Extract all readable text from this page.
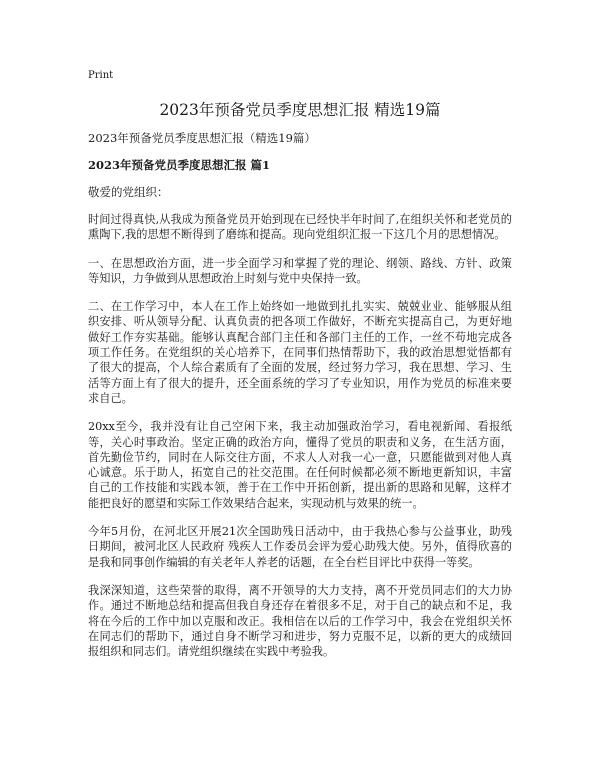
Print
2023年预备党员季度思想汇报 精选19篇
2023年预备党员季度思想汇报（精选19篇）
2023年预备党员季度思想汇报 篇1
敬爱的党组织：

时间过得真快,从我成为预备党员开始到现在已经快半年时间了,在组织关怀和老党员的熏陶下,我的思想不断得到了磨练和提高。现向党组织汇报一下这几个月的思想情况。

一、在思想政治方面，进一步全面学习和掌握了党的理论、纲领、路线、方针、政策等知识，力争做到从思想政治上时刻与党中央保持一致。

二、在工作学习中，本人在工作上始终如一地做到扎扎实实、兢兢业业、能够服从组织安排、听从领导分配、认真负责的把各项工作做好，不断充实提高自己，为更好地做好工作夯实基础。能够认真配合部门主任和各部门主任的工作，一丝不苟地完成各项工作任务。在党组织的关心培养下，在同事们热情帮助下，我的政治思想觉悟都有了很大的提高，个人综合素质有了全面的发展，经过努力学习，我在思想、学习、生活等方面上有了很大的提升，还全面系统的学习了专业知识，用作为党员的标准来要求自己。

20xx至今，我并没有让自己空闲下来，我主动加强政治学习，看电视新闻、看报纸等，关心时事政治。坚定正确的政治方向，懂得了党员的职责和义务，在生活方面，首先勤俭节约，同时在人际交往方面，不求人人对我一心一意，只愿能做到对他人真心诚意。乐于助人，拓宽自己的社交范围。在任何时候都必须不断地更新知识，丰富自己的工作技能和实践本领，善于在工作中开拓创新，提出新的思路和见解，这样才能把良好的愿望和实际工作效果结合起来，实现动机与效果的统一。

今年5月份，在河北区开展21次全国助残日活动中，由于我热心参与公益事业，助残日期间，被河北区人民政府 残疾人工作委员会评为爱心助残大使。另外，值得欣喜的是我和同事创作编辑的有关老年人养老的话题，在全台栏目评比中获得一等奖。

我深深知道，这些荣誉的取得，离不开领导的大力支持，离不开党员同志们的大力协作。通过不断地总结和提高但我自身还存在着很多不足，对于自己的缺点和不足，我将在今后的工作中加以克服和改正。我相信在以后的工作学习中，我会在党组织关怀在同志们的帮助下，通过自身不断学习和进步，努力克服不足，以新的更大的成绩回报组织和同志们。请党组织继续在实践中考验我。
